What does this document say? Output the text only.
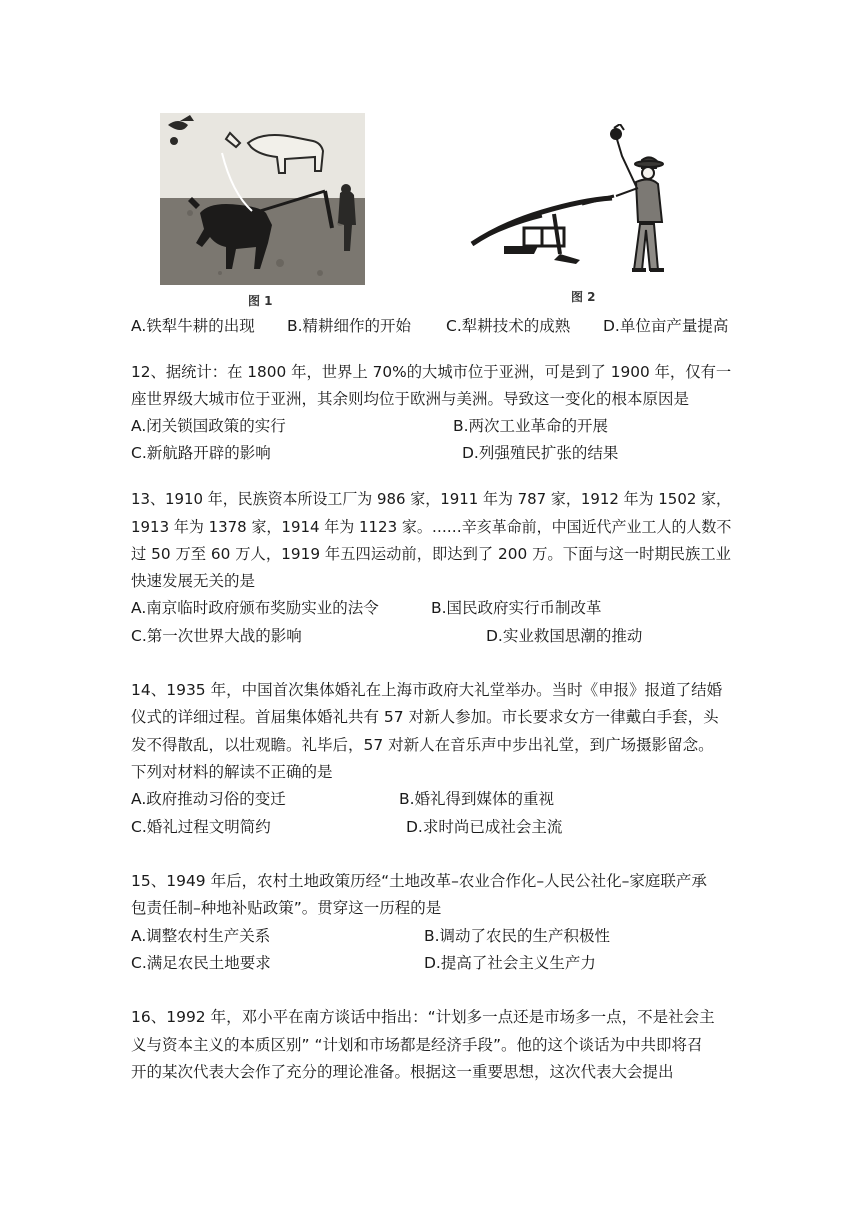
图 1	图 2
A.铁犁牛耕的出现 B.精耕细作的开始 C.犁耕技术的成熟 D.单位亩产量提高
12、据统计：在 1800 年，世界上 70%的大城市位于亚洲，可是到了 1900 年，仅有一
座世界级大城市位于亚洲，其余则均位于欧洲与美洲。导致这一变化的根本原因是
A.闭关锁国政策的实行	B.两次工业革命的开展
C.新航路开辟的影响	D.列强殖民扩张的结果
13、1910 年，民族资本所设工厂为 986 家，1911 年为 787 家，1912 年为 1502 家，
1913 年为 1378 家，1914 年为 1123 家。……辛亥革命前，中国近代产业工人的人数不
过 50 万至 60 万人，1919 年五四运动前，即达到了 200 万。下面与这一时期民族工业
快速发展无关的是
A.南京临时政府颁布奖励实业的法令	B.国民政府实行币制改革
C.第一次世界大战的影响	D.实业救国思潮的推动
14、1935 年，中国首次集体婚礼在上海市政府大礼堂举办。当时《申报》报道了结婚
仪式的详细过程。首届集体婚礼共有 57 对新人参加。市长要求女方一律戴白手套，头
发不得散乱，以壮观瞻。礼毕后，57 对新人在音乐声中步出礼堂，到广场摄影留念。
下列对材料的解读不正确的是
A.政府推动习俗的变迁	B.婚礼得到媒体的重视
C.婚礼过程文明简约	D.求时尚已成社会主流
15、1949 年后，农村土地政策历经“土地改革–农业合作化–人民公社化–家庭联产承
包责任制–种地补贴政策”。贯穿这一历程的是
A.调整农村生产关系	B.调动了农民的生产积极性
C.满足农民土地要求	D.提高了社会主义生产力
16、1992 年，邓小平在南方谈话中指出：“计划多一点还是市场多一点，不是社会主
义与资本主义的本质区别” “计划和市场都是经济手段”。他的这个谈话为中共即将召
开的某次代表大会作了充分的理论准备。根据这一重要思想，这次代表大会提出
